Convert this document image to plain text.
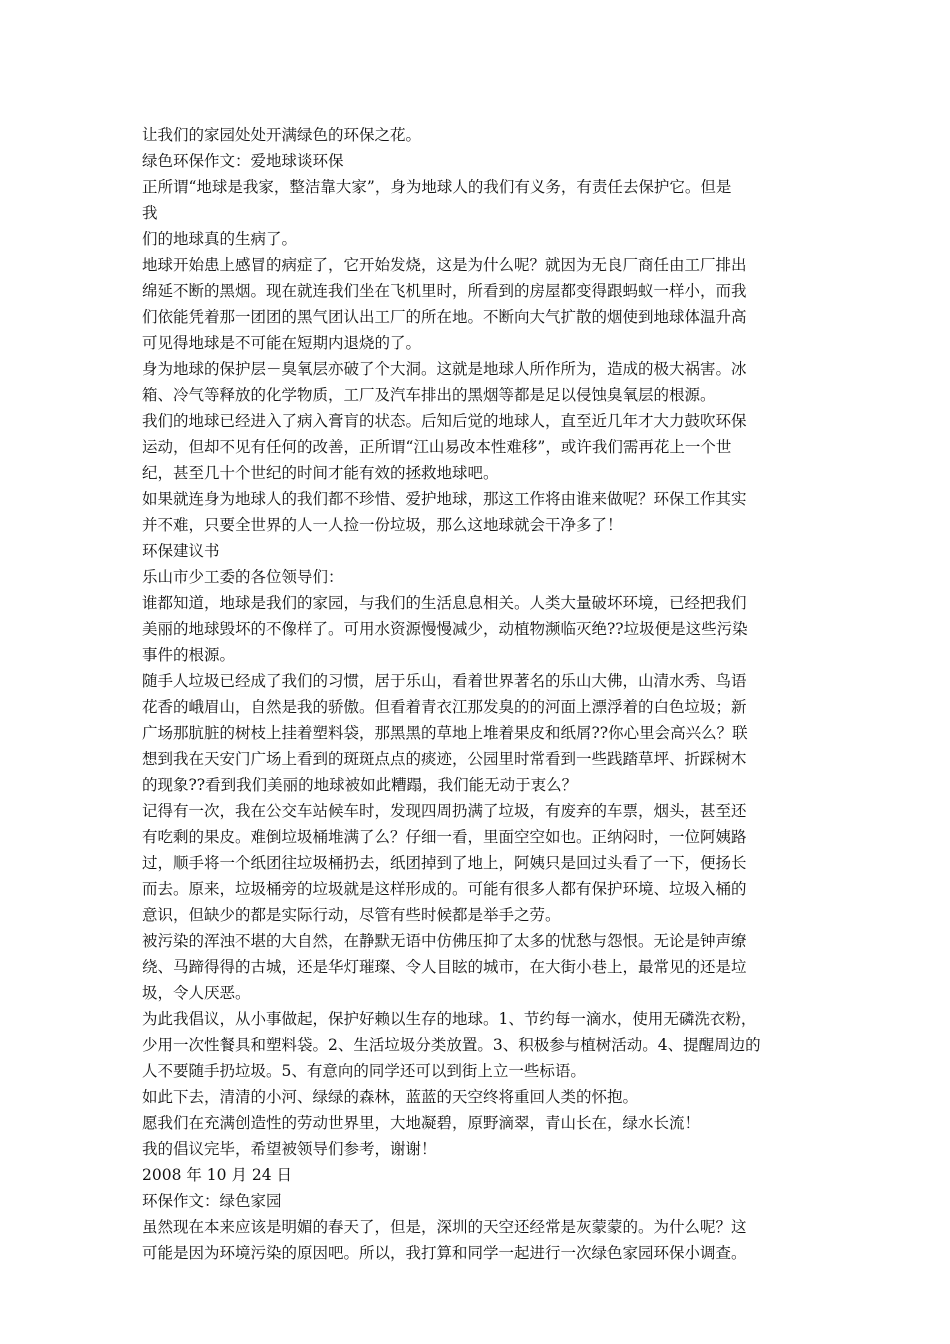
让我们的家园处处开满绿色的环保之花。
绿色环保作文：爱地球谈环保
正所谓“地球是我家，整洁靠大家”，身为地球人的我们有义务，有责任去保护它。但是
我
们的地球真的生病了。
地球开始患上感冒的病症了，它开始发烧，这是为什么呢？就因为无良厂商任由工厂排出
绵延不断的黑烟。现在就连我们坐在飞机里时，所看到的房屋都变得跟蚂蚁一样小，而我
们依能凭着那一团团的黑气团认出工厂的所在地。不断向大气扩散的烟使到地球体温升高
可见得地球是不可能在短期内退烧的了。
身为地球的保护层－臭氧层亦破了个大洞。这就是地球人所作所为，造成的极大祸害。冰
箱、冷气等释放的化学物质，工厂及汽车排出的黑烟等都是足以侵蚀臭氧层的根源。
我们的地球已经进入了病入膏肓的状态。后知后觉的地球人，直至近几年才大力鼓吹环保
运动，但却不见有任何的改善，正所谓“江山易改本性难移”，或许我们需再花上一个世
纪，甚至几十个世纪的时间才能有效的拯救地球吧。
如果就连身为地球人的我们都不珍惜、爱护地球，那这工作将由谁来做呢？环保工作其实
并不难，只要全世界的人一人捡一份垃圾，那么这地球就会干净多了！
环保建议书
乐山市少工委的各位领导们：
谁都知道，地球是我们的家园，与我们的生活息息相关。人类大量破坏环境，已经把我们
美丽的地球毁坏的不像样了。可用水资源慢慢减少，动植物濒临灭绝??垃圾便是这些污染
事件的根源。
随手人垃圾已经成了我们的习惯，居于乐山，看着世界著名的乐山大佛，山清水秀、鸟语
花香的峨眉山，自然是我的骄傲。但看着青衣江那发臭的的河面上漂浮着的白色垃圾；新
广场那肮脏的树枝上挂着塑料袋，那黑黑的草地上堆着果皮和纸屑??你心里会高兴么？联
想到我在天安门广场上看到的斑斑点点的痰迹，公园里时常看到一些践踏草坪、折踩树木
的现象??看到我们美丽的地球被如此糟蹋，我们能无动于衷么？
记得有一次，我在公交车站候车时，发现四周扔满了垃圾，有废弃的车票，烟头，甚至还
有吃剩的果皮。难倒垃圾桶堆满了么？仔细一看，里面空空如也。正纳闷时，一位阿姨路
过，顺手将一个纸团往垃圾桶扔去，纸团掉到了地上，阿姨只是回过头看了一下，便扬长
而去。原来，垃圾桶旁的垃圾就是这样形成的。可能有很多人都有保护环境、垃圾入桶的
意识，但缺少的都是实际行动，尽管有些时候都是举手之劳。
被污染的浑浊不堪的大自然，在静默无语中仿佛压抑了太多的忧愁与怨恨。无论是钟声缭
绕、马蹄得得的古城，还是华灯璀璨、令人目眩的城市，在大街小巷上，最常见的还是垃
圾，令人厌恶。
为此我倡议，从小事做起，保护好赖以生存的地球。1、节约每一滴水，使用无磷洗衣粉，
少用一次性餐具和塑料袋。2、生活垃圾分类放置。3、积极参与植树活动。4、提醒周边的
人不要随手扔垃圾。5、有意向的同学还可以到街上立一些标语。
如此下去，清清的小河、绿绿的森林，蓝蓝的天空终将重回人类的怀抱。
愿我们在充满创造性的劳动世界里，大地凝碧，原野滴翠，青山长在，绿水长流！
我的倡议完毕，希望被领导们参考，谢谢！
2008 年 10 月 24 日
环保作文：绿色家园
虽然现在本来应该是明媚的春天了，但是，深圳的天空还经常是灰蒙蒙的。为什么呢？这
可能是因为环境污染的原因吧。所以，我打算和同学一起进行一次绿色家园环保小调查。
